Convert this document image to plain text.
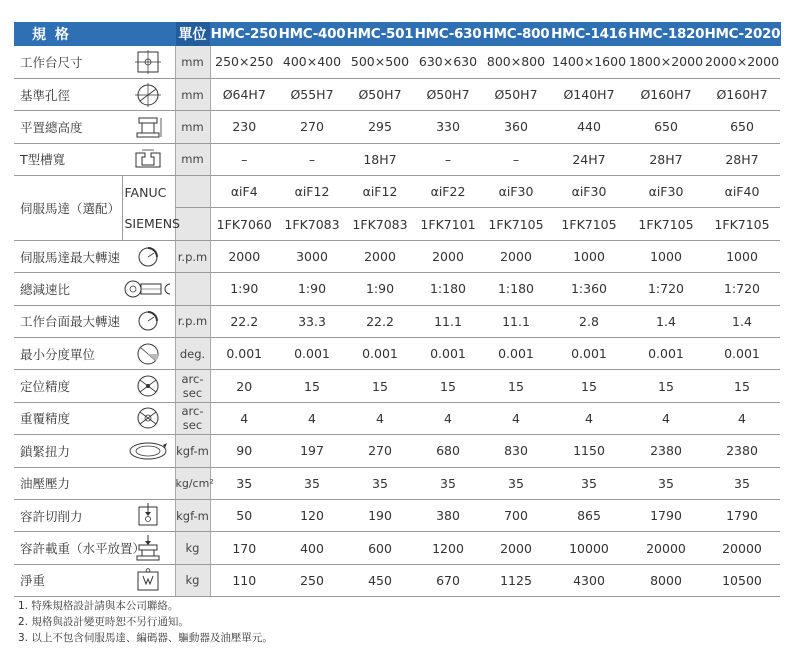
規 格		單位	HMC-250	HMC-400	HMC-501	HMC-630	HMC-800	HMC-1416	HMC-1820	HMC-2020K
工作台尺寸		mm	250×250	400×400	500×500	630×630	800×800	1400×1600	1800×2000	2000×2000
基準孔徑		mm	Ø64H7	Ø55H7	Ø50H7	Ø50H7	Ø50H7	Ø140H7	Ø160H7	Ø160H7
平置總高度		mm	230	270	295	330	360	440	650	650
T型槽寬		mm	–	–	18H7	–	–	24H7	28H7	28H7
伺服馬達（選配）	FANUC		αiF4	αiF12	αiF12	αiF22	αiF30	αiF30	αiF30	αiF40
	SIEMENS		1FK7060	1FK7083	1FK7083	1FK7101	1FK7105	1FK7105	1FK7105	1FK7105
伺服馬達最大轉速		r.p.m	2000	3000	2000	2000	2000	1000	1000	1000
總減速比			1:90	1:90	1:90	1:180	1:180	1:360	1:720	1:720
工作台面最大轉速		r.p.m	22.2	33.3	22.2	11.1	11.1	2.8	1.4	1.4
最小分度單位		deg.	0.001	0.001	0.001	0.001	0.001	0.001	0.001	0.001
定位精度		arc-sec	20	15	15	15	15	15	15	15
重覆精度		arc-sec	4	4	4	4	4	4	4	4
鎖緊扭力		kgf-m	90	197	270	680	830	1150	2380	2380
油壓壓力		kg/cm²	35	35	35	35	35	35	35	35
容許切削力		kgf-m	50	120	190	380	700	865	1790	1790
容許載重（水平放置）		kg	170	400	600	1200	2000	10000	20000	20000
淨重		kg	110	250	450	670	1125	4300	8000	10500
1. 特殊規格設計請與本公司聯絡。
2. 規格與設計變更時恕不另行通知。
3. 以上不包含伺服馬達、編碼器、驅動器及油壓單元。
